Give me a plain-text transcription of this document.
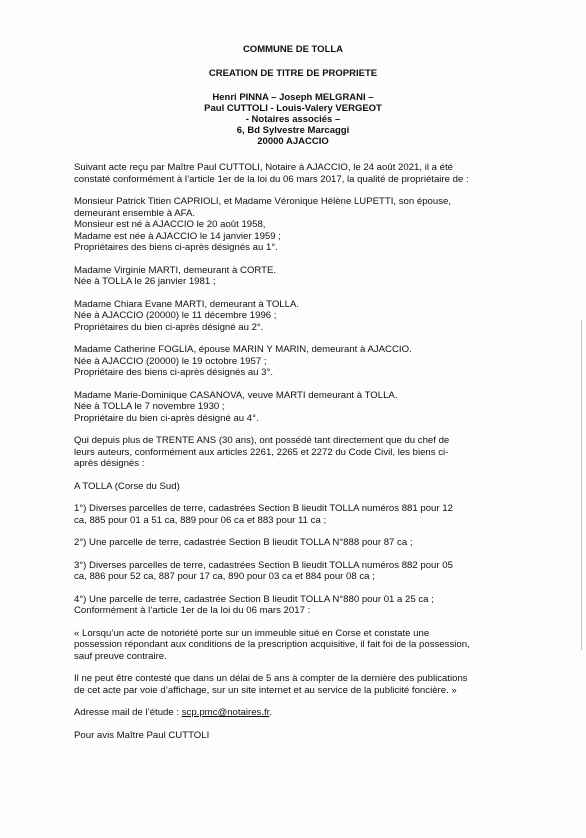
COMMUNE DE TOLLA
CREATION DE TITRE DE PROPRIETE
Henri PINNA – Joseph MELGRANI –
Paul CUTTOLI - Louis-Valery VERGEOT
- Notaires associés –
6, Bd Sylvestre Marcaggi
20000 AJACCIO

Suivant acte reçu par Maître Paul CUTTOLI, Notaire à AJACCIO, le 24 août 2021, il a été
constaté conformément à l’article 1er de la loi du 06 mars 2017, la qualité de propriétaire de :

Monsieur Patrick Titien CAPRIOLI, et Madame Véronique Hélène LUPETTI, son épouse,
demeurant ensemble à AFA.
Monsieur est né à AJACCIO le 20 août 1958,
Madame est née à AJACCIO le 14 janvier 1959 ;
Propriétaires des biens ci-après désignés au 1°.

Madame Virginie MARTI, demeurant à CORTE.
Née à TOLLA le 26 janvier 1981 ;

Madame Chiara Evane MARTI, demeurant à TOLLA.
Née à AJACCIO (20000) le 11 décembre 1996 ;
Propriétaires du bien ci-après désigné au 2°.

Madame Catherine FOGLIA, épouse MARIN Y MARIN, demeurant à AJACCIO.
Née à AJACCIO (20000) le 19 octobre 1957 ;
Propriétaire des biens ci-après désignés au 3°.

Madame Marie-Dominique CASANOVA, veuve MARTI demeurant à TOLLA.
Née à TOLLA le 7 novembre 1930 ;
Propriétaire du bien ci-après désigné au 4°.

Qui depuis plus de TRENTE ANS (30 ans), ont possédé tant directement que du chef de
leurs auteurs, conformément aux articles 2261, 2265 et 2272 du Code Civil, les biens ci-
après désignés :

A TOLLA (Corse du Sud)

1°) Diverses parcelles de terre, cadastrées Section B lieudit TOLLA numéros 881 pour 12
ca, 885 pour 01 a 51 ca, 889 pour 06 ca et 883 pour 11 ca ;

2°) Une parcelle de terre, cadastrée Section B lieudit TOLLA N°888 pour 87 ca ;

3°) Diverses parcelles de terre, cadastrées Section B lieudit TOLLA numéros 882 pour 05
ca, 886 pour 52 ca, 887 pour 17 ca, 890 pour 03 ca et 884 pour 08 ca ;

4°) Une parcelle de terre, cadastrée Section B lieudit TOLLA N°880 pour 01 a 25 ca ;
Conformément à l’article 1er de la loi du 06 mars 2017 :

« Lorsqu’un acte de notoriété porte sur un immeuble situé en Corse et constate une
possession répondant aux conditions de la prescription acquisitive, il fait foi de la possession,
sauf preuve contraire.

Il ne peut être contesté que dans un délai de 5 ans à compter de la dernière des publications
de cet acte par voie d’affichage, sur un site internet et au service de la publicité foncière. »

Adresse mail de l’étude : scp.pmc@notaires.fr.

Pour avis Maître Paul CUTTOLI
